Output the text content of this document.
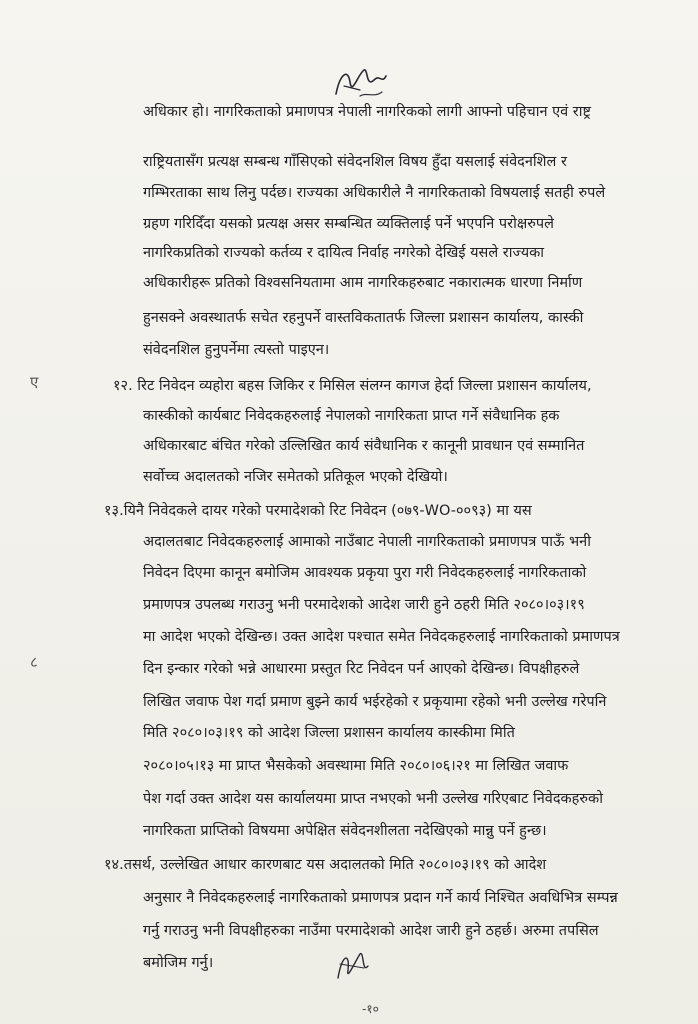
ए
८

अधिकार हो। नागरिकताको प्रमाणपत्र नेपाली नागरिकको लागी आफ्नो पहिचान एवं राष्ट्र

राष्ट्रियतासँग प्रत्यक्ष सम्बन्ध गाँसिएको संवेदनशिल विषय हुँदा यसलाई संवेदनशिल र

गम्भिरताका साथ लिनु पर्दछ। राज्यका अधिकारीले नै नागरिकताको विषयलाई सतही रुपले

ग्रहण गरिदिँदा यसको प्रत्यक्ष असर सम्बन्धित व्यक्तिलाई पर्ने भएपनि परोक्षरुपले

नागरिकप्रतिको राज्यको कर्तव्य र दायित्व निर्वाह नगरेको देखिई यसले राज्यका

अधिकारीहरू प्रतिको विश्वसनियतामा आम नागरिकहरुबाट नकारात्मक धारणा निर्माण

हुनसक्ने अवस्थातर्फ सचेत रहनुपर्ने वास्तविकतातर्फ जिल्ला प्रशासन कार्यालय, कास्की

संवेदनशिल हुनुपर्नेमा त्यस्तो पाइएन।

१२. रिट निवेदन व्यहोरा बहस जिकिर र मिसिल संलग्न कागज हेर्दा जिल्ला प्रशासन कार्यालय,

कास्कीको कार्यबाट निवेदकहरुलाई नेपालको नागरिकता प्राप्त गर्ने संवैधानिक हक

अधिकारबाट बंचित गरेको उल्लिखित कार्य संवैधानिक र कानूनी प्रावधान एवं सम्मानित

सर्वोच्च अदालतको नजिर समेतको प्रतिकूल भएको देखियो।

१३.यिनै निवेदकले दायर गरेको परमादेशको रिट निवेदन (०७९-WO-००९३) मा यस

अदालतबाट निवेदकहरुलाई आमाको नाउँबाट नेपाली नागरिकताको प्रमाणपत्र पाऊँ भनी

निवेदन दिएमा कानून बमोजिम आवश्यक प्रकृया पुरा गरी निवेदकहरुलाई नागरिकताको

प्रमाणपत्र उपलब्ध गराउनु भनी परमादेशको आदेश जारी हुने ठहरी मिति २०८०।०३।१९

मा आदेश भएको देखिन्छ। उक्त आदेश पश्चात समेत निवेदकहरुलाई नागरिकताको प्रमाणपत्र

दिन इन्कार गरेको भन्ने आधारमा प्रस्तुत रिट निवेदन पर्न आएको देखिन्छ। विपक्षीहरुले

लिखित जवाफ पेश गर्दा प्रमाण बुझ्ने कार्य भईरहेको र प्रकृयामा रहेको भनी उल्लेख गरेपनि

मिति २०८०।०३।१९ को आदेश जिल्ला प्रशासन कार्यालय कास्कीमा मिति

२०८०।०५।१३ मा प्राप्त भैसकेको अवस्थामा मिति २०८०।०६।२१ मा लिखित जवाफ

पेश गर्दा उक्त आदेश यस कार्यालयमा प्राप्त नभएको भनी उल्लेख गरिएबाट निवेदकहरुको

नागरिकता प्राप्तिको विषयमा अपेक्षित संवेदनशीलता नदेखिएको मान्नु पर्ने हुन्छ।

१४.तसर्थ, उल्लेखित आधार कारणबाट यस अदालतको मिति २०८०।०३।१९ को आदेश

अनुसार नै निवेदकहरुलाई नागरिकताको प्रमाणपत्र प्रदान गर्ने कार्य निश्चित अवधिभित्र सम्पन्न

गर्नु गराउनु भनी विपक्षीहरुका नाउँमा परमादेशको आदेश जारी हुने ठहर्छ। अरुमा तपसिल

बमोजिम गर्नु।

-१०
